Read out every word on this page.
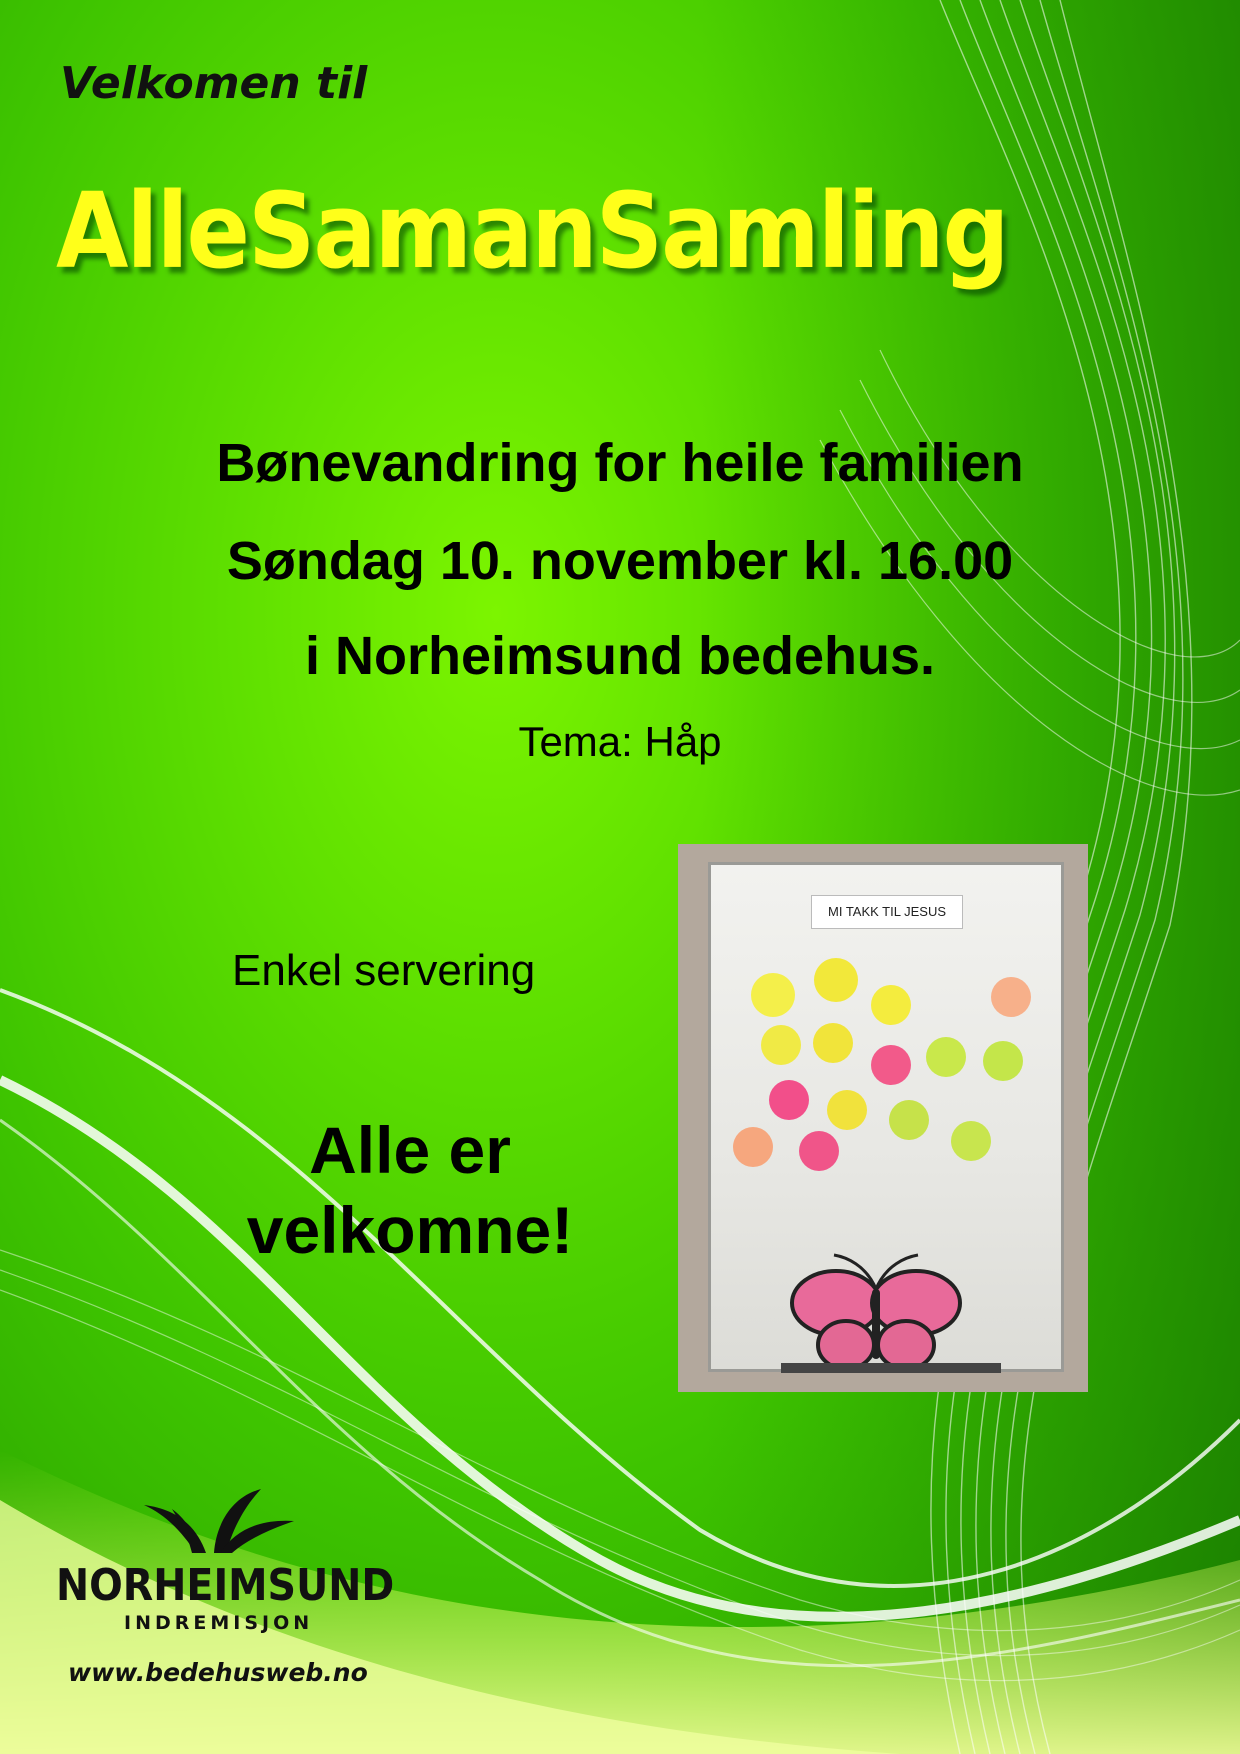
Velkomen til

AlleSamanSamling

Bønevandring for heile familien

Søndag 10. november kl. 16.00

i Norheimsund bedehus.

Tema: Håp

Enkel servering

Alle er
velkomne!
MI TAKK TIL JESUS

NORHEIMSUND

INDREMISJON

www.bedehusweb.no
